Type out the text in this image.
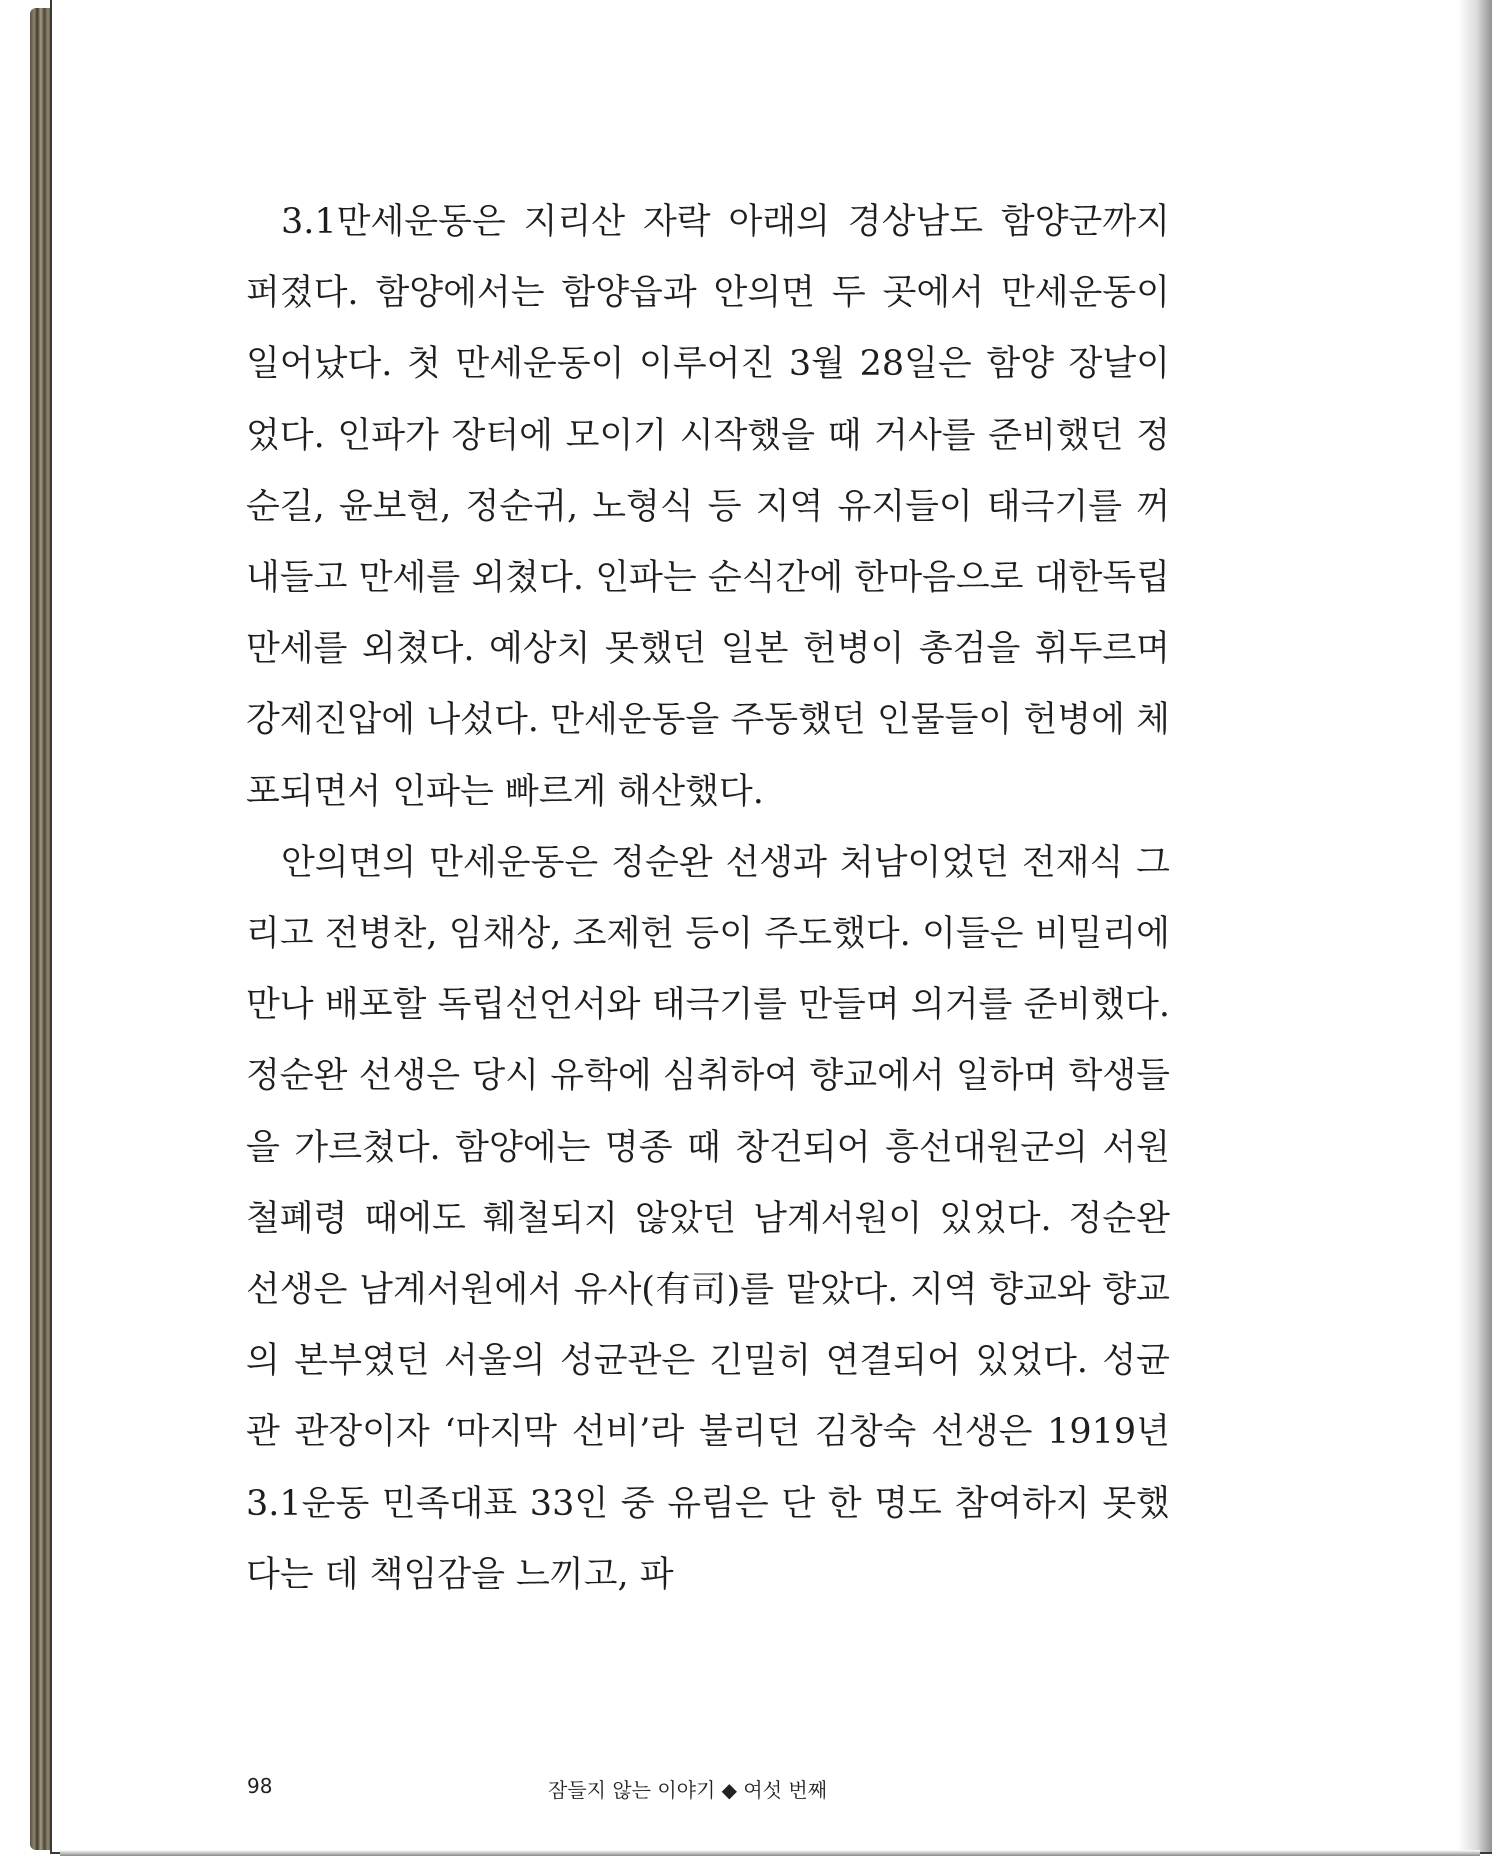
3.1만세운동은 지리산 자락 아래의 경상남도 함양군까지 퍼졌다. 함양에서는 함양읍과 안의면 두 곳에서 만세운동이 일어났다. 첫 만세운동이 이루어진 3월 28일은 함양 장날이었다. 인파가 장터에 모이기 시작했을 때 거사를 준비했던 정순길, 윤보현, 정순귀, 노형식 등 지역 유지들이 태극기를 꺼내들고 만세를 외쳤다. 인파는 순식간에 한마음으로 대한독립만세를 외쳤다. 예상치 못했던 일본 헌병이 총검을 휘두르며 강제진압에 나섰다. 만세운동을 주동했던 인물들이 헌병에 체포되면서 인파는 빠르게 해산했다.

안의면의 만세운동은 정순완 선생과 처남이었던 전재식 그리고 전병찬, 임채상, 조제헌 등이 주도했다. 이들은 비밀리에 만나 배포할 독립선언서와 태극기를 만들며 의거를 준비했다. 정순완 선생은 당시 유학에 심취하여 향교에서 일하며 학생들을 가르쳤다. 함양에는 명종 때 창건되어 흥선대원군의 서원철폐령 때에도 훼철되지 않았던 남계서원이 있었다. 정순완 선생은 남계서원에서 유사(有司)를 맡았다. 지역 향교와 향교의 본부였던 서울의 성균관은 긴밀히 연결되어 있었다. 성균관 관장이자 ‘마지막 선비’라 불리던 김창숙 선생은 1919년 3.1운동 민족대표 33인 중 유림은 단 한 명도 참여하지 못했다는 데 책임감을 느끼고, 파

98	잠들지 않는 이야기 ◆ 여섯 번째
